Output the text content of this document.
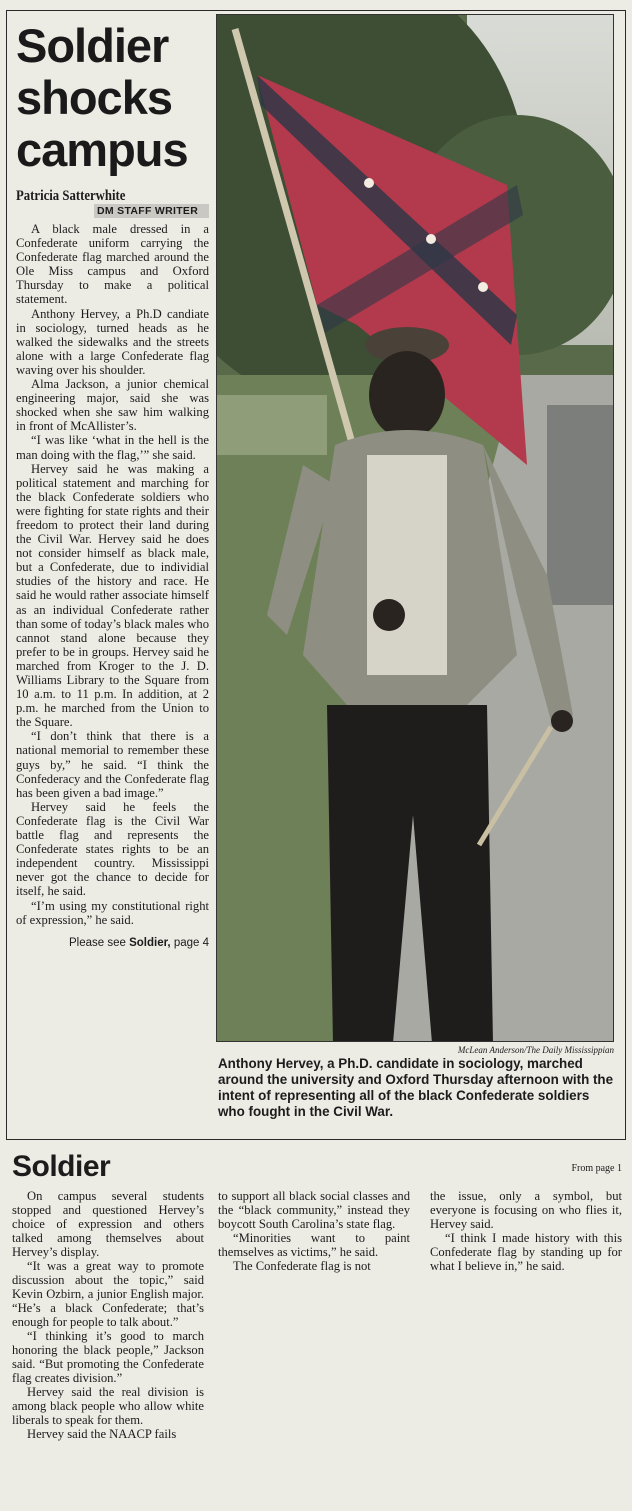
Soldier
shocks
campus
Patricia Satterwhite
DM STAFF WRITER

A black male dressed in a Confederate uniform carrying the Confederate flag marched around the Ole Miss campus and Oxford Thursday to make a political statement.

Anthony Hervey, a Ph.D candiate in sociology, turned heads as he walked the sidewalks and the streets alone with a large Confederate flag waving over his shoulder.

Alma Jackson, a junior chemical engineering major, said she was shocked when she saw him walking in front of McAllister’s.

“I was like ‘what in the hell is the man doing with the flag,’” she said.

Hervey said he was making a political statement and marching for the black Confederate soldiers who were fighting for state rights and their freedom to protect their land during the Civil War. Hervey said he does not consider himself as black male, but a Confederate, due to individial studies of the history and race. He said he would rather associate himself as an individual Confederate rather than some of today’s black males who cannot stand alone because they prefer to be in groups. Hervey said he marched from Kroger to the J. D. Williams Library to the Square from 10 a.m. to 11 p.m. In addition, at 2 p.m. he marched from the Union to the Square.

“I don’t think that there is a national memorial to remember these guys by,” he said. “I think the Confederacy and the Confederate flag has been given a bad image.”

Hervey said he feels the Confederate flag is the Civil War battle flag and represents the Confederate states rights to be an independent country. Mississippi never got the chance to decide for itself, he said.

“I’m using my constitutional right of expression,” he said.

Please see Soldier, page 4
McLean Anderson/The Daily Mississippian
Anthony Hervey, a Ph.D. candidate in sociology, marched around the university and Oxford Thursday afternoon with the intent of representing all of the black Confederate soldiers who fought in the Civil War.
Soldier	From page 1

On campus several students stopped and questioned Hervey’s choice of expression and others talked among themselves about Hervey’s display.

“It was a great way to promote discussion about the topic,” said Kevin Ozbirn, a junior English major. “He’s a black Confederate; that’s enough for people to talk about.”

“I thinking it’s good to march honoring the black people,” Jackson said. “But promoting the Confederate flag creates division.”

Hervey said the real division is among black people who allow white liberals to speak for them.

Hervey said the NAACP fails

to support all black social classes and the “black community,” instead they boycott South Carolina’s state flag.

“Minorities want to paint themselves as victims,” he said.

The Confederate flag is not

the issue, only a symbol, but everyone is focusing on who flies it, Hervey said.

“I think I made history with this Confederate flag by standing up for what I believe in,” he said.
